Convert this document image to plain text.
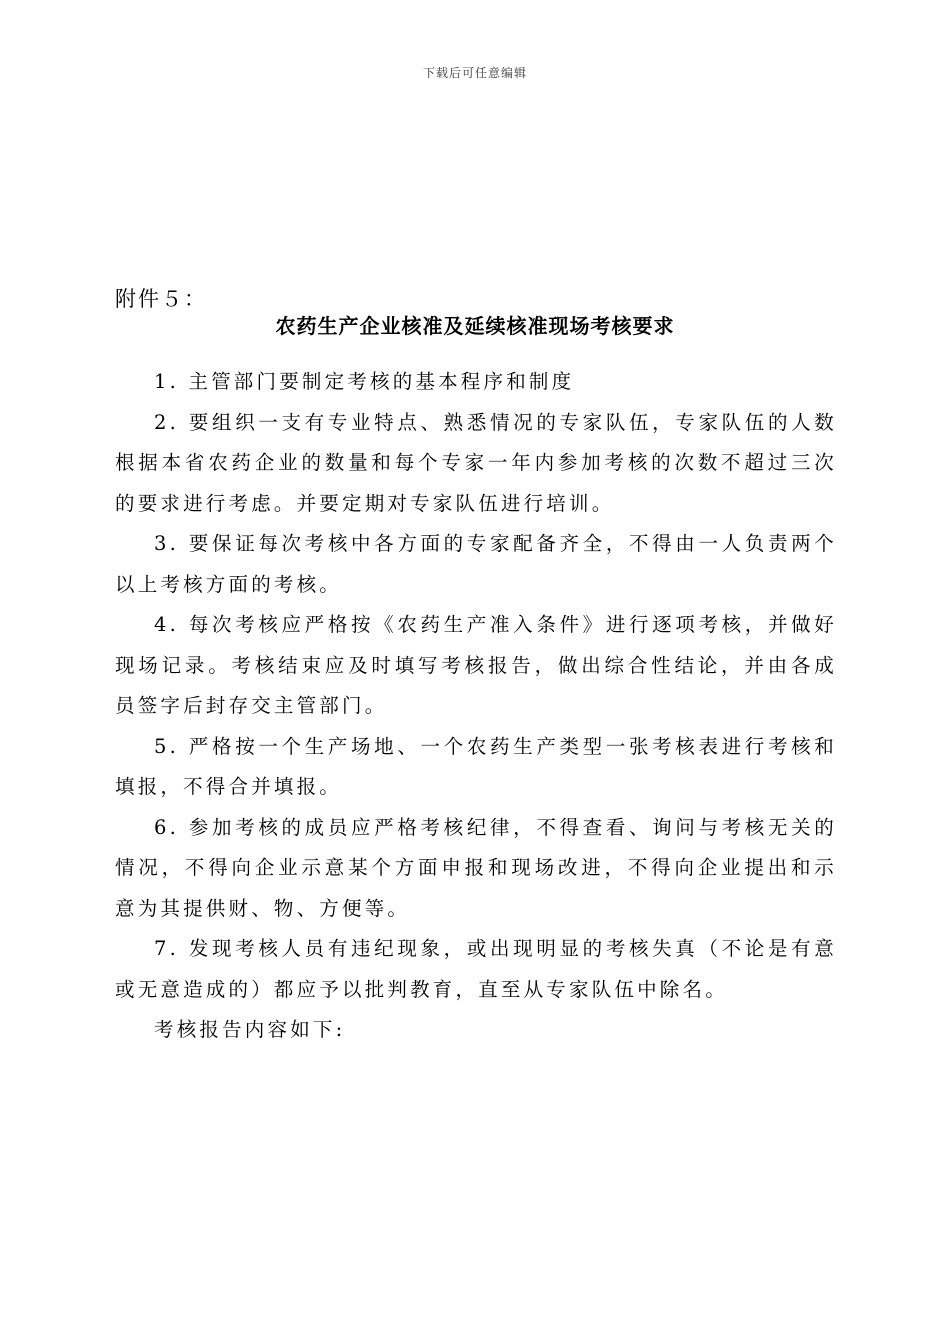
下载后可任意编辑
附件５：
农药生产企业核准及延续核准现场考核要求

1. 主管部门要制定考核的基本程序和制度

2. 要组织一支有专业特点、熟悉情况的专家队伍，专家队伍的人数根据本省农药企业的数量和每个专家一年内参加考核的次数不超过三次的要求进行考虑。并要定期对专家队伍进行培训。

3. 要保证每次考核中各方面的专家配备齐全，不得由一人负责两个以上考核方面的考核。

4. 每次考核应严格按《农药生产准入条件》进行逐项考核，并做好现场记录。考核结束应及时填写考核报告，做出综合性结论，并由各成员签字后封存交主管部门。

5. 严格按一个生产场地、一个农药生产类型一张考核表进行考核和填报，不得合并填报。

6. 参加考核的成员应严格考核纪律，不得查看、询问与考核无关的情况，不得向企业示意某个方面申报和现场改进，不得向企业提出和示意为其提供财、物、方便等。

7. 发现考核人员有违纪现象，或出现明显的考核失真（不论是有意或无意造成的）都应予以批判教育，直至从专家队伍中除名。

考核报告内容如下:
